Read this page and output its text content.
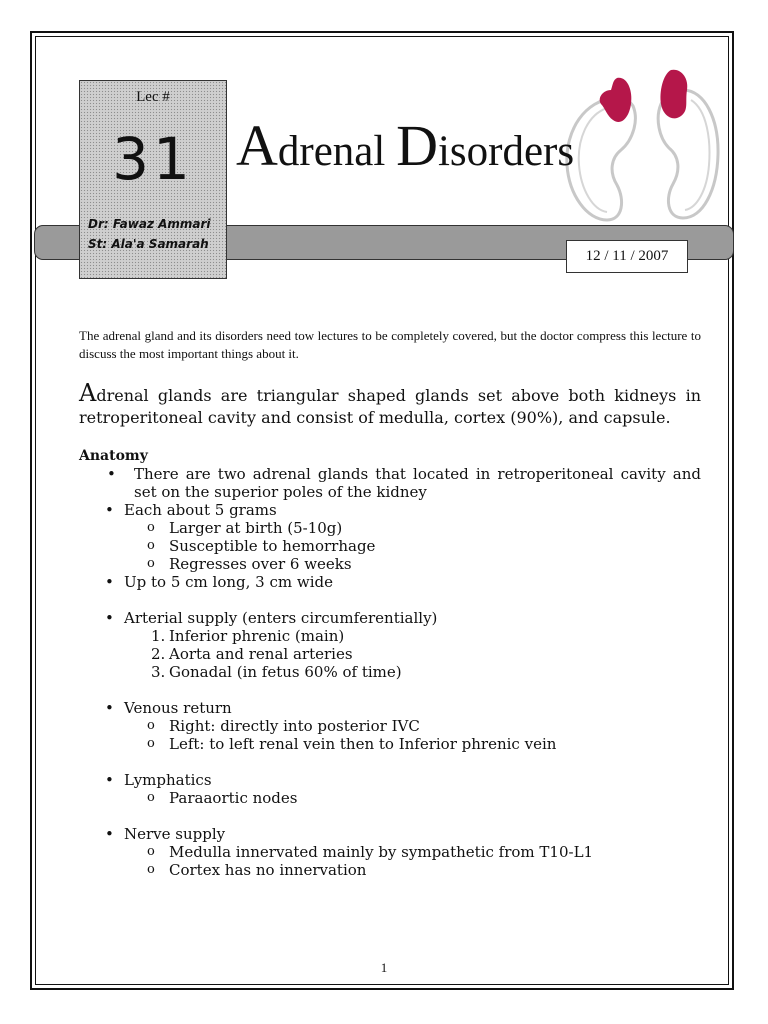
Lec #
31
Dr: Fawaz Ammari
St: Ala'a Samarah
Adrenal Disorders
12 / 11 / 2007

The adrenal gland and its disorders need tow lectures to be completely covered, but the doctor compress this lecture to discuss the most important things about it.

Adrenal glands are triangular shaped glands set above both kidneys in retroperitoneal cavity and consist of medulla, cortex (90%), and capsule.

Anatomy
• There are two adrenal glands that located in retroperitoneal cavity and set on the superior poles of the kidney
• Each about 5 grams
o Larger at birth (5-10g)
o Susceptible to hemorrhage
o Regresses over 6 weeks
• Up to 5 cm long, 3 cm wide
• Arterial supply (enters circumferentially)
1. Inferior phrenic (main)
2. Aorta and renal arteries
3. Gonadal (in fetus 60% of time)
• Venous return
o Right: directly into posterior IVC
o Left: to left renal vein then to Inferior phrenic vein
• Lymphatics
o Paraaortic nodes
• Nerve supply
o Medulla innervated mainly by sympathetic from T10-L1
o Cortex has no innervation
1
